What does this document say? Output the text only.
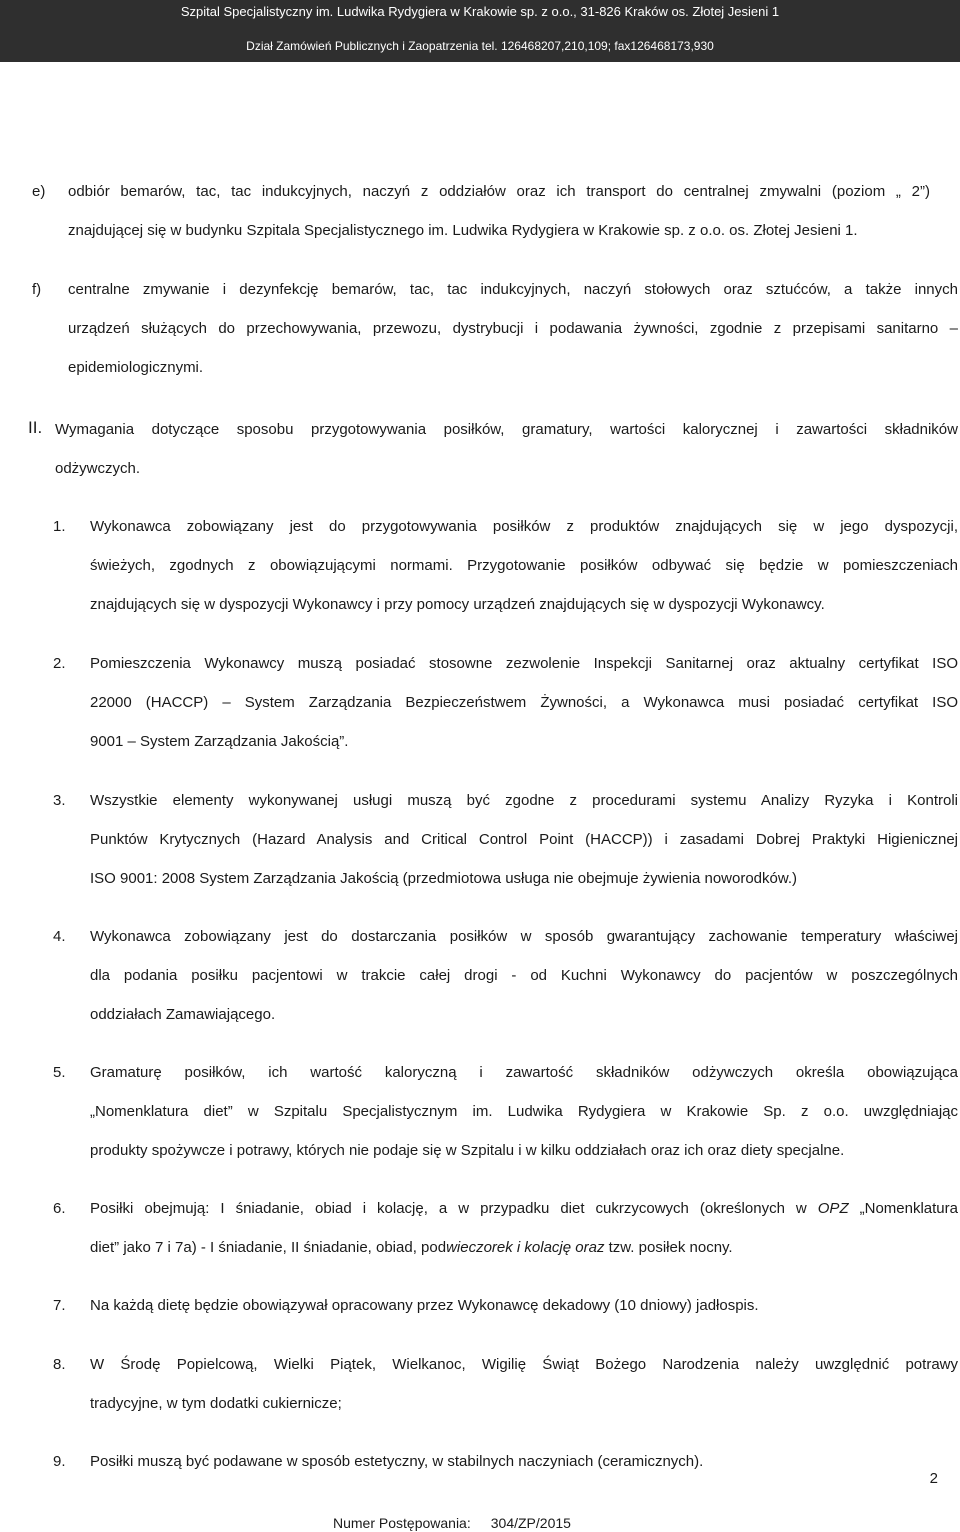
Szpital Specjalistyczny im. Ludwika Rydygiera w Krakowie sp. z o.o., 31-826 Kraków os. Złotej Jesieni 1
Dział Zamówień Publicznych i Zaopatrzenia tel. 126468207,210,109; fax126468173,930
e) odbiór bemarów, tac, tac indukcyjnych, naczyń z oddziałów oraz ich transport do centralnej zmywalni (poziom „ 2”)
znajdującej się w budynku Szpitala Specjalistycznego im. Ludwika Rydygiera w Krakowie sp. z o.o. os. Złotej Jesieni 1.
f) centralne zmywanie i dezynfekcję bemarów, tac, tac indukcyjnych, naczyń stołowych oraz sztućców, a także innych
urządzeń służących do przechowywania, przewozu, dystrybucji i podawania żywności, zgodnie z przepisami sanitarno –
epidemiologicznymi.
II. Wymagania dotyczące sposobu przygotowywania posiłków, gramatury, wartości kalorycznej i zawartości składników
odżywczych.
1. Wykonawca zobowiązany jest do przygotowywania posiłków z produktów znajdujących się w jego dyspozycji,
świeżych, zgodnych z obowiązującymi normami. Przygotowanie posiłków odbywać się będzie w pomieszczeniach
znajdujących się w dyspozycji Wykonawcy i przy pomocy urządzeń znajdujących się w dyspozycji Wykonawcy.
2. Pomieszczenia Wykonawcy muszą posiadać stosowne zezwolenie Inspekcji Sanitarnej oraz aktualny certyfikat ISO
22000 (HACCP) – System Zarządzania Bezpieczeństwem Żywności, a Wykonawca musi posiadać certyfikat ISO
9001 – System Zarządzania Jakością”.
3. Wszystkie elementy wykonywanej usługi muszą być zgodne z procedurami systemu Analizy Ryzyka i Kontroli
Punktów Krytycznych (Hazard Analysis and Critical Control Point (HACCP)) i zasadami Dobrej Praktyki Higienicznej
ISO 9001: 2008 System Zarządzania Jakością (przedmiotowa usługa nie obejmuje żywienia noworodków.)
4. Wykonawca zobowiązany jest do dostarczania posiłków w sposób gwarantujący zachowanie temperatury właściwej
dla podania posiłku pacjentowi w trakcie całej drogi - od Kuchni Wykonawcy do pacjentów w poszczególnych
oddziałach Zamawiającego.
5. Gramaturę posiłków, ich wartość kaloryczną i zawartość składników odżywczych określa obowiązująca
„Nomenklatura diet” w Szpitalu Specjalistycznym im. Ludwika Rydygiera w Krakowie Sp. z o.o. uwzględniając
produkty spożywcze i potrawy, których nie podaje się w Szpitalu i w kilku oddziałach oraz ich oraz diety specjalne.
6. Posiłki obejmują: I śniadanie, obiad i kolację, a w przypadku diet cukrzycowych (określonych w OPZ „Nomenklatura
diet” jako 7 i 7a) - I śniadanie, II śniadanie, obiad, podwieczorek i kolację oraz tzw. posiłek nocny.
7. Na każdą dietę będzie obowiązywał opracowany przez Wykonawcę dekadowy (10 dniowy) jadłospis.
8. W Środę Popielcową, Wielki Piątek, Wielkanoc, Wigilię Świąt Bożego Narodzenia należy uwzględnić potrawy
tradycyjne, w tym dodatki cukiernicze;
9. Posiłki muszą być podawane w sposób estetyczny, w stabilnych naczyniach (ceramicznych).
2
Numer Postępowania: 304/ZP/2015
